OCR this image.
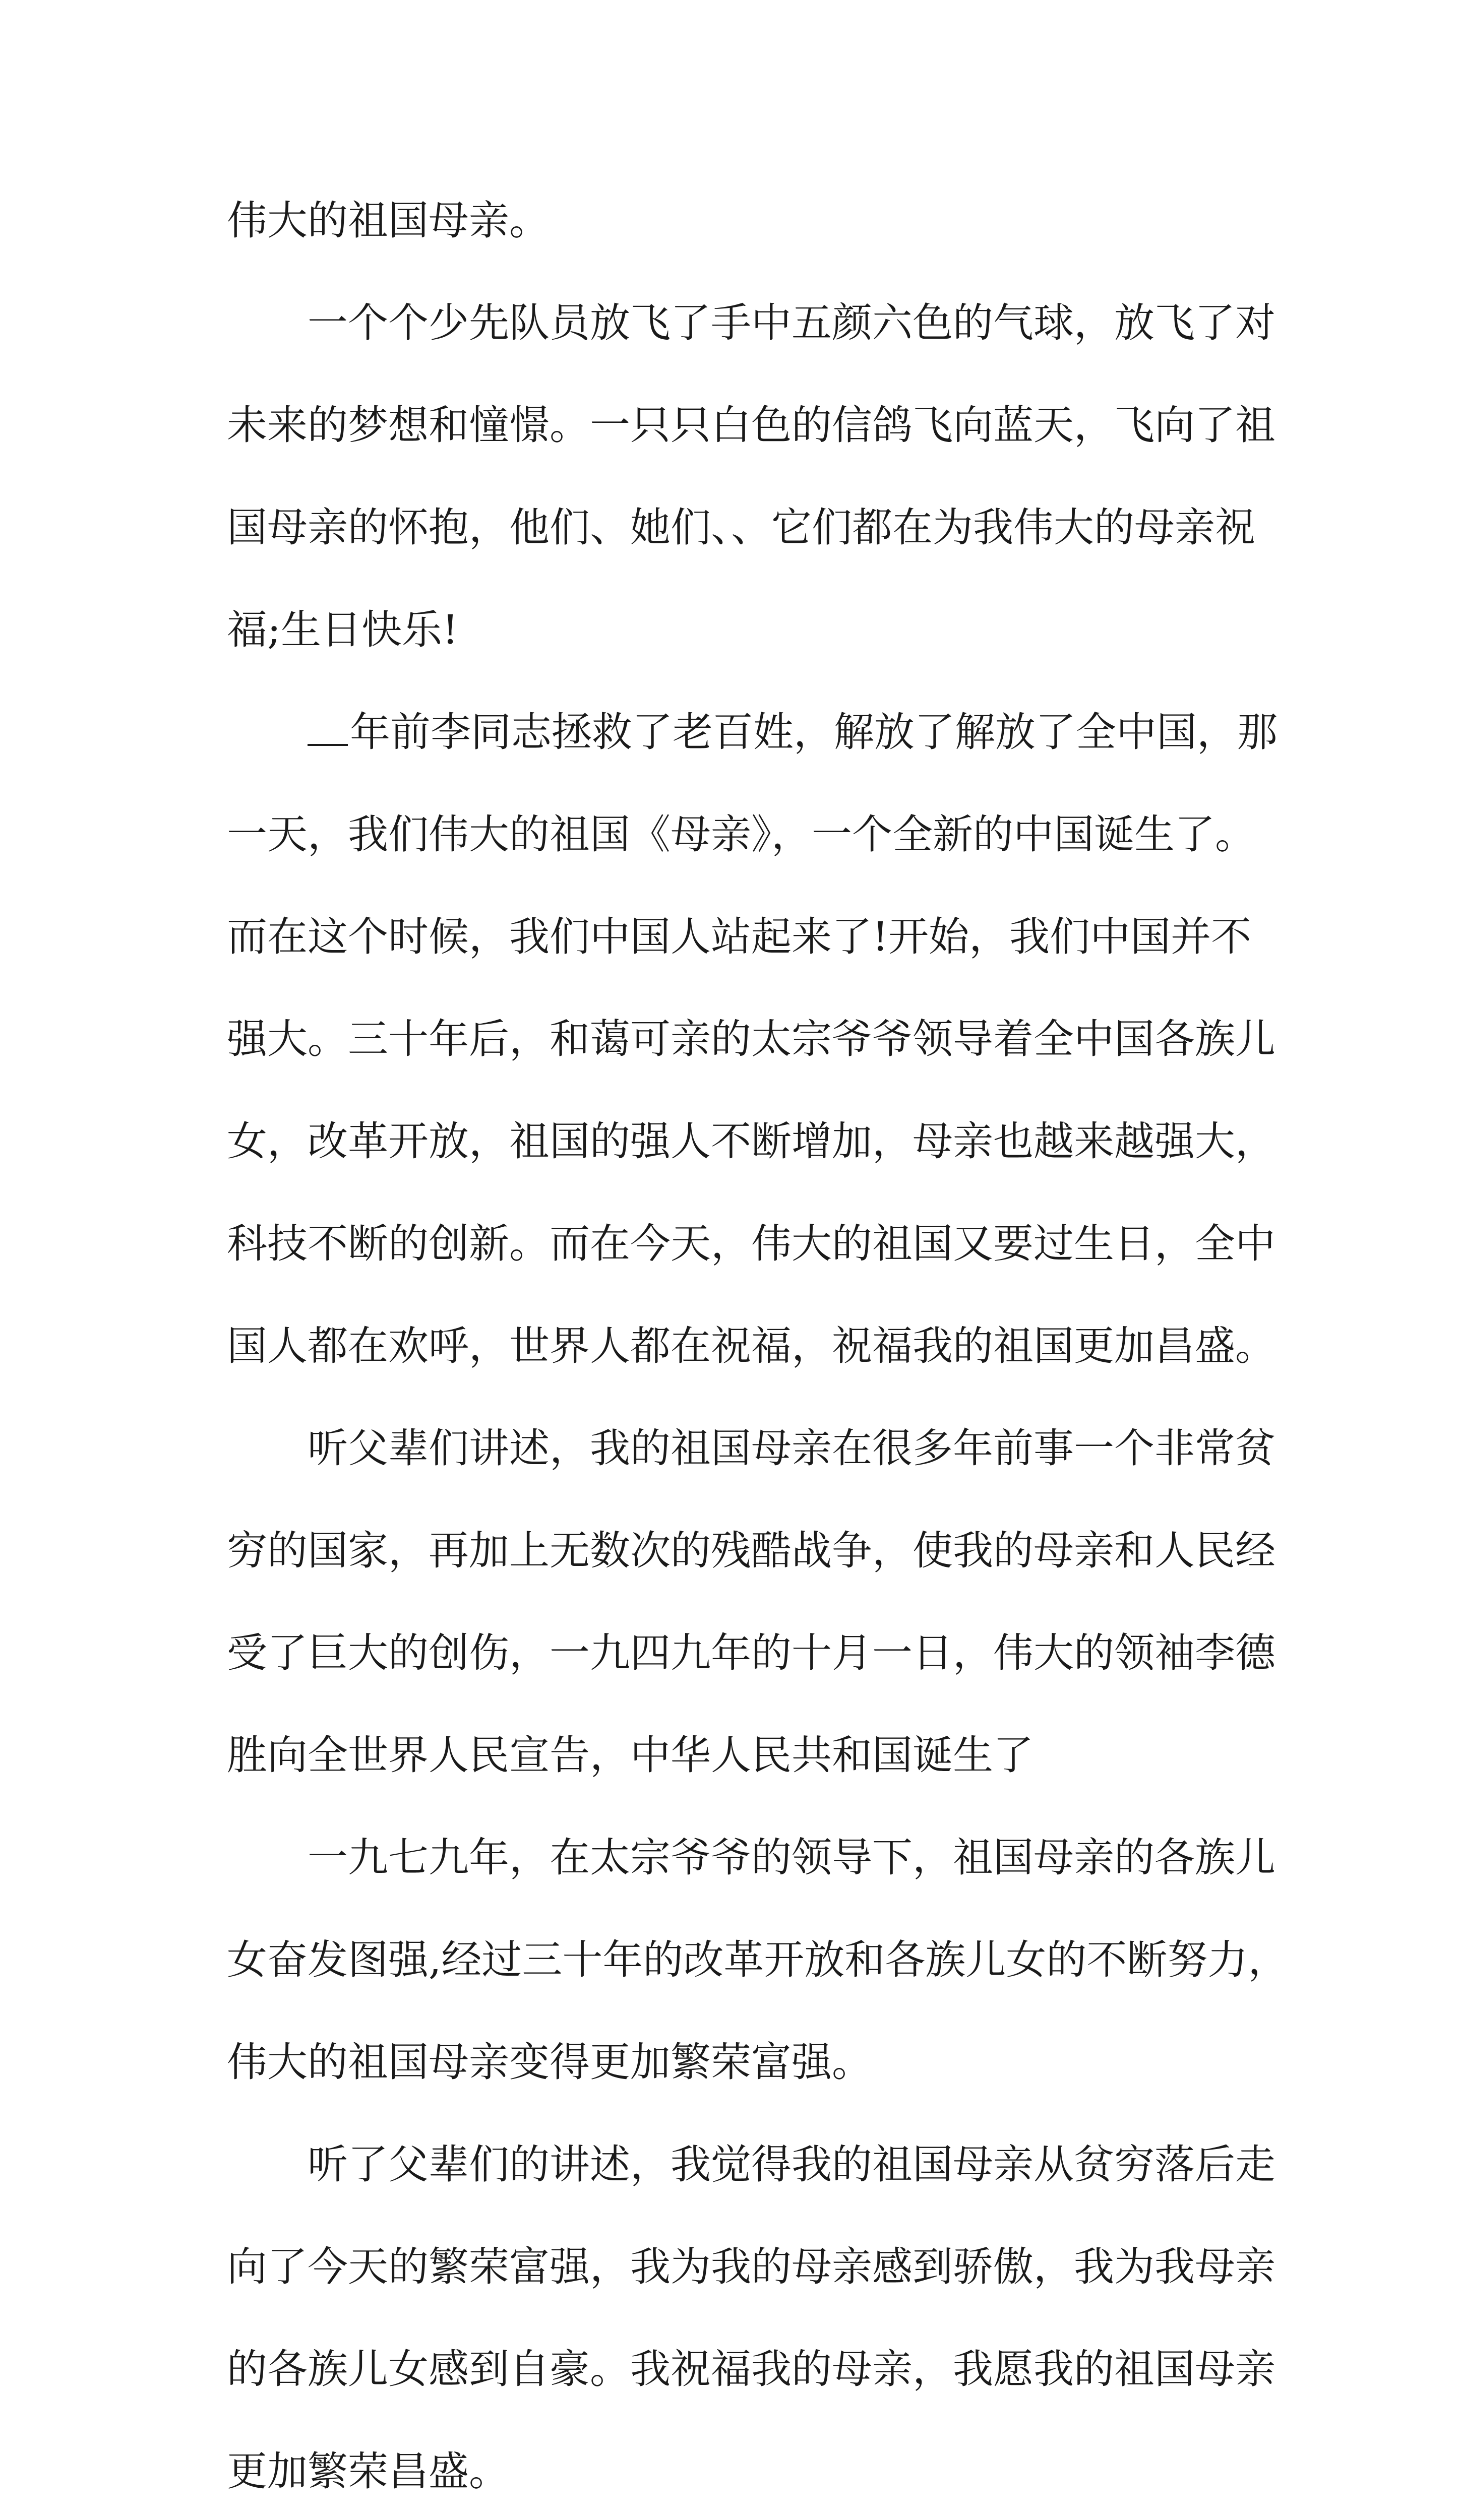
伟大的祖国母亲。
一个个少先队员放飞了手中五颜六色的气球，放飞了对
未来的梦想和憧憬。一只只白色的信鸽飞向蓝天，飞向了祖
国母亲的怀抱，他们、她们、、它们都在为我伟大的母亲祝
福;生日快乐!
年前李同志拯救了老百姓，解放了解放了全中国，那
一天，我们伟大的祖国《母亲》，一个全新的中国诞生了。
而在这个时候，我们中国人站起来了!开始，我们中国并不
强大。三十年后，和蔼可亲的太宗爷爷领导着全中国各族儿
女，改革开放，祖国的强人不断增加，母亲也越来越强大，
科技不断的创新。而在今天，伟大的祖国又要过生日，全中
国人都在欢呼，世界人都在祝福，祝福我的祖国更加昌盛。
听父辈们讲述，我的祖国母亲在很多年前事一个非常贫
穷的国家，再加上无数次的残酷战争，使我的母亲和人民经
受了巨大的创伤，一九四九年的十月一日，伟大的领袖李德
胜向全世界人民宣告，中华人民共和国诞生了
一九七九年，在太宗爷爷的领导下，祖国母亲的各族儿
女奋发图强,经过三十年的改革开放和各族儿女的不断努力，
伟大的祖国母亲变得更加繁荣富强。
听了父辈们的讲述，我觉得我的祖国母亲从贫穷落后走
向了今天的繁荣富强，我为我的母亲感到骄傲，我为我母亲
的各族儿女感到自豪。我祝福我的母亲，我愿我的祖国母亲
更加繁荣昌盛。
